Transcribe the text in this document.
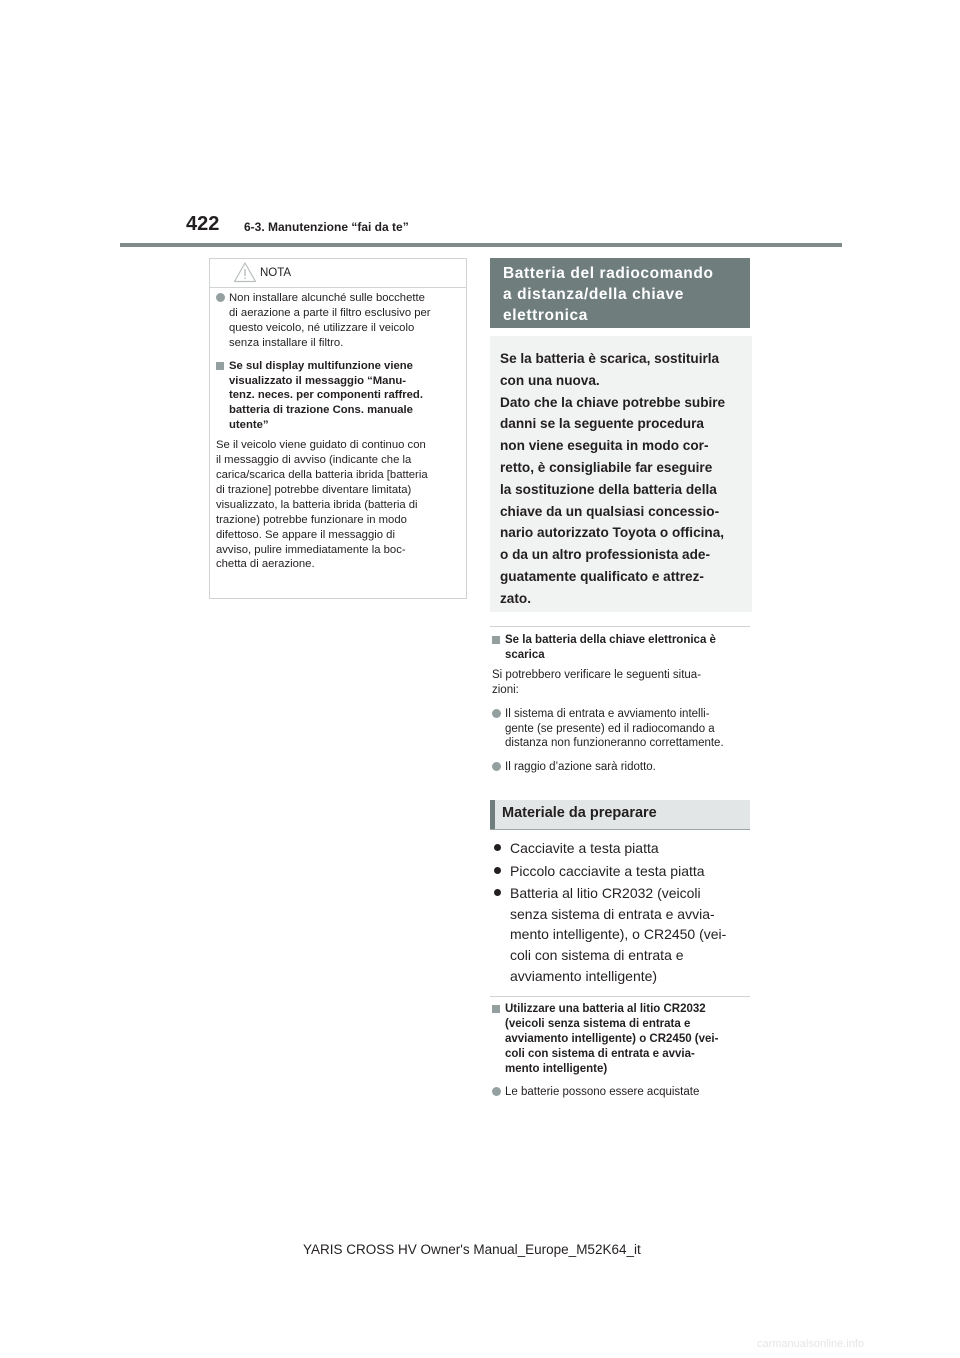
422 6-3. Manutenzione “fai da te”
NOTA
Non installare alcunché sulle bocchette
di aerazione a parte il filtro esclusivo per
questo veicolo, né utilizzare il veicolo
senza installare il filtro.
Se sul display multifunzione viene
visualizzato il messaggio “Manu-
tenz. neces. per componenti raffred.
batteria di trazione Cons. manuale
utente”
Se il veicolo viene guidato di continuo con
il messaggio di avviso (indicante che la
carica/scarica della batteria ibrida [batteria
di trazione] potrebbe diventare limitata)
visualizzato, la batteria ibrida (batteria di
trazione) potrebbe funzionare in modo
difettoso. Se appare il messaggio di
avviso, pulire immediatamente la boc-
chetta di aerazione.
Batteria del radiocomando
a distanza/della chiave
elettronica
Se la batteria è scarica, sostituirla
con una nuova.
Dato che la chiave potrebbe subire
danni se la seguente procedura
non viene eseguita in modo cor-
retto, è consigliabile far eseguire
la sostituzione della batteria della
chiave da un qualsiasi concessio-
nario autorizzato Toyota o officina,
o da un altro professionista ade-
guatamente qualificato e attrez-
zato.
Se la batteria della chiave elettronica è
scarica
Si potrebbero verificare le seguenti situa-
zioni:
Il sistema di entrata e avviamento intelli-
gente (se presente) ed il radiocomando a
distanza non funzioneranno correttamente.
Il raggio d’azione sarà ridotto.
Materiale da preparare
Cacciavite a testa piatta
Piccolo cacciavite a testa piatta
Batteria al litio CR2032 (veicoli
senza sistema di entrata e avvia-
mento intelligente), o CR2450 (vei-
coli con sistema di entrata e
avviamento intelligente)
Utilizzare una batteria al litio CR2032
(veicoli senza sistema di entrata e
avviamento intelligente) o CR2450 (vei-
coli con sistema di entrata e avvia-
mento intelligente)
Le batterie possono essere acquistate
YARIS CROSS HV Owner's Manual_Europe_M52K64_it
carmanualsonline.info
